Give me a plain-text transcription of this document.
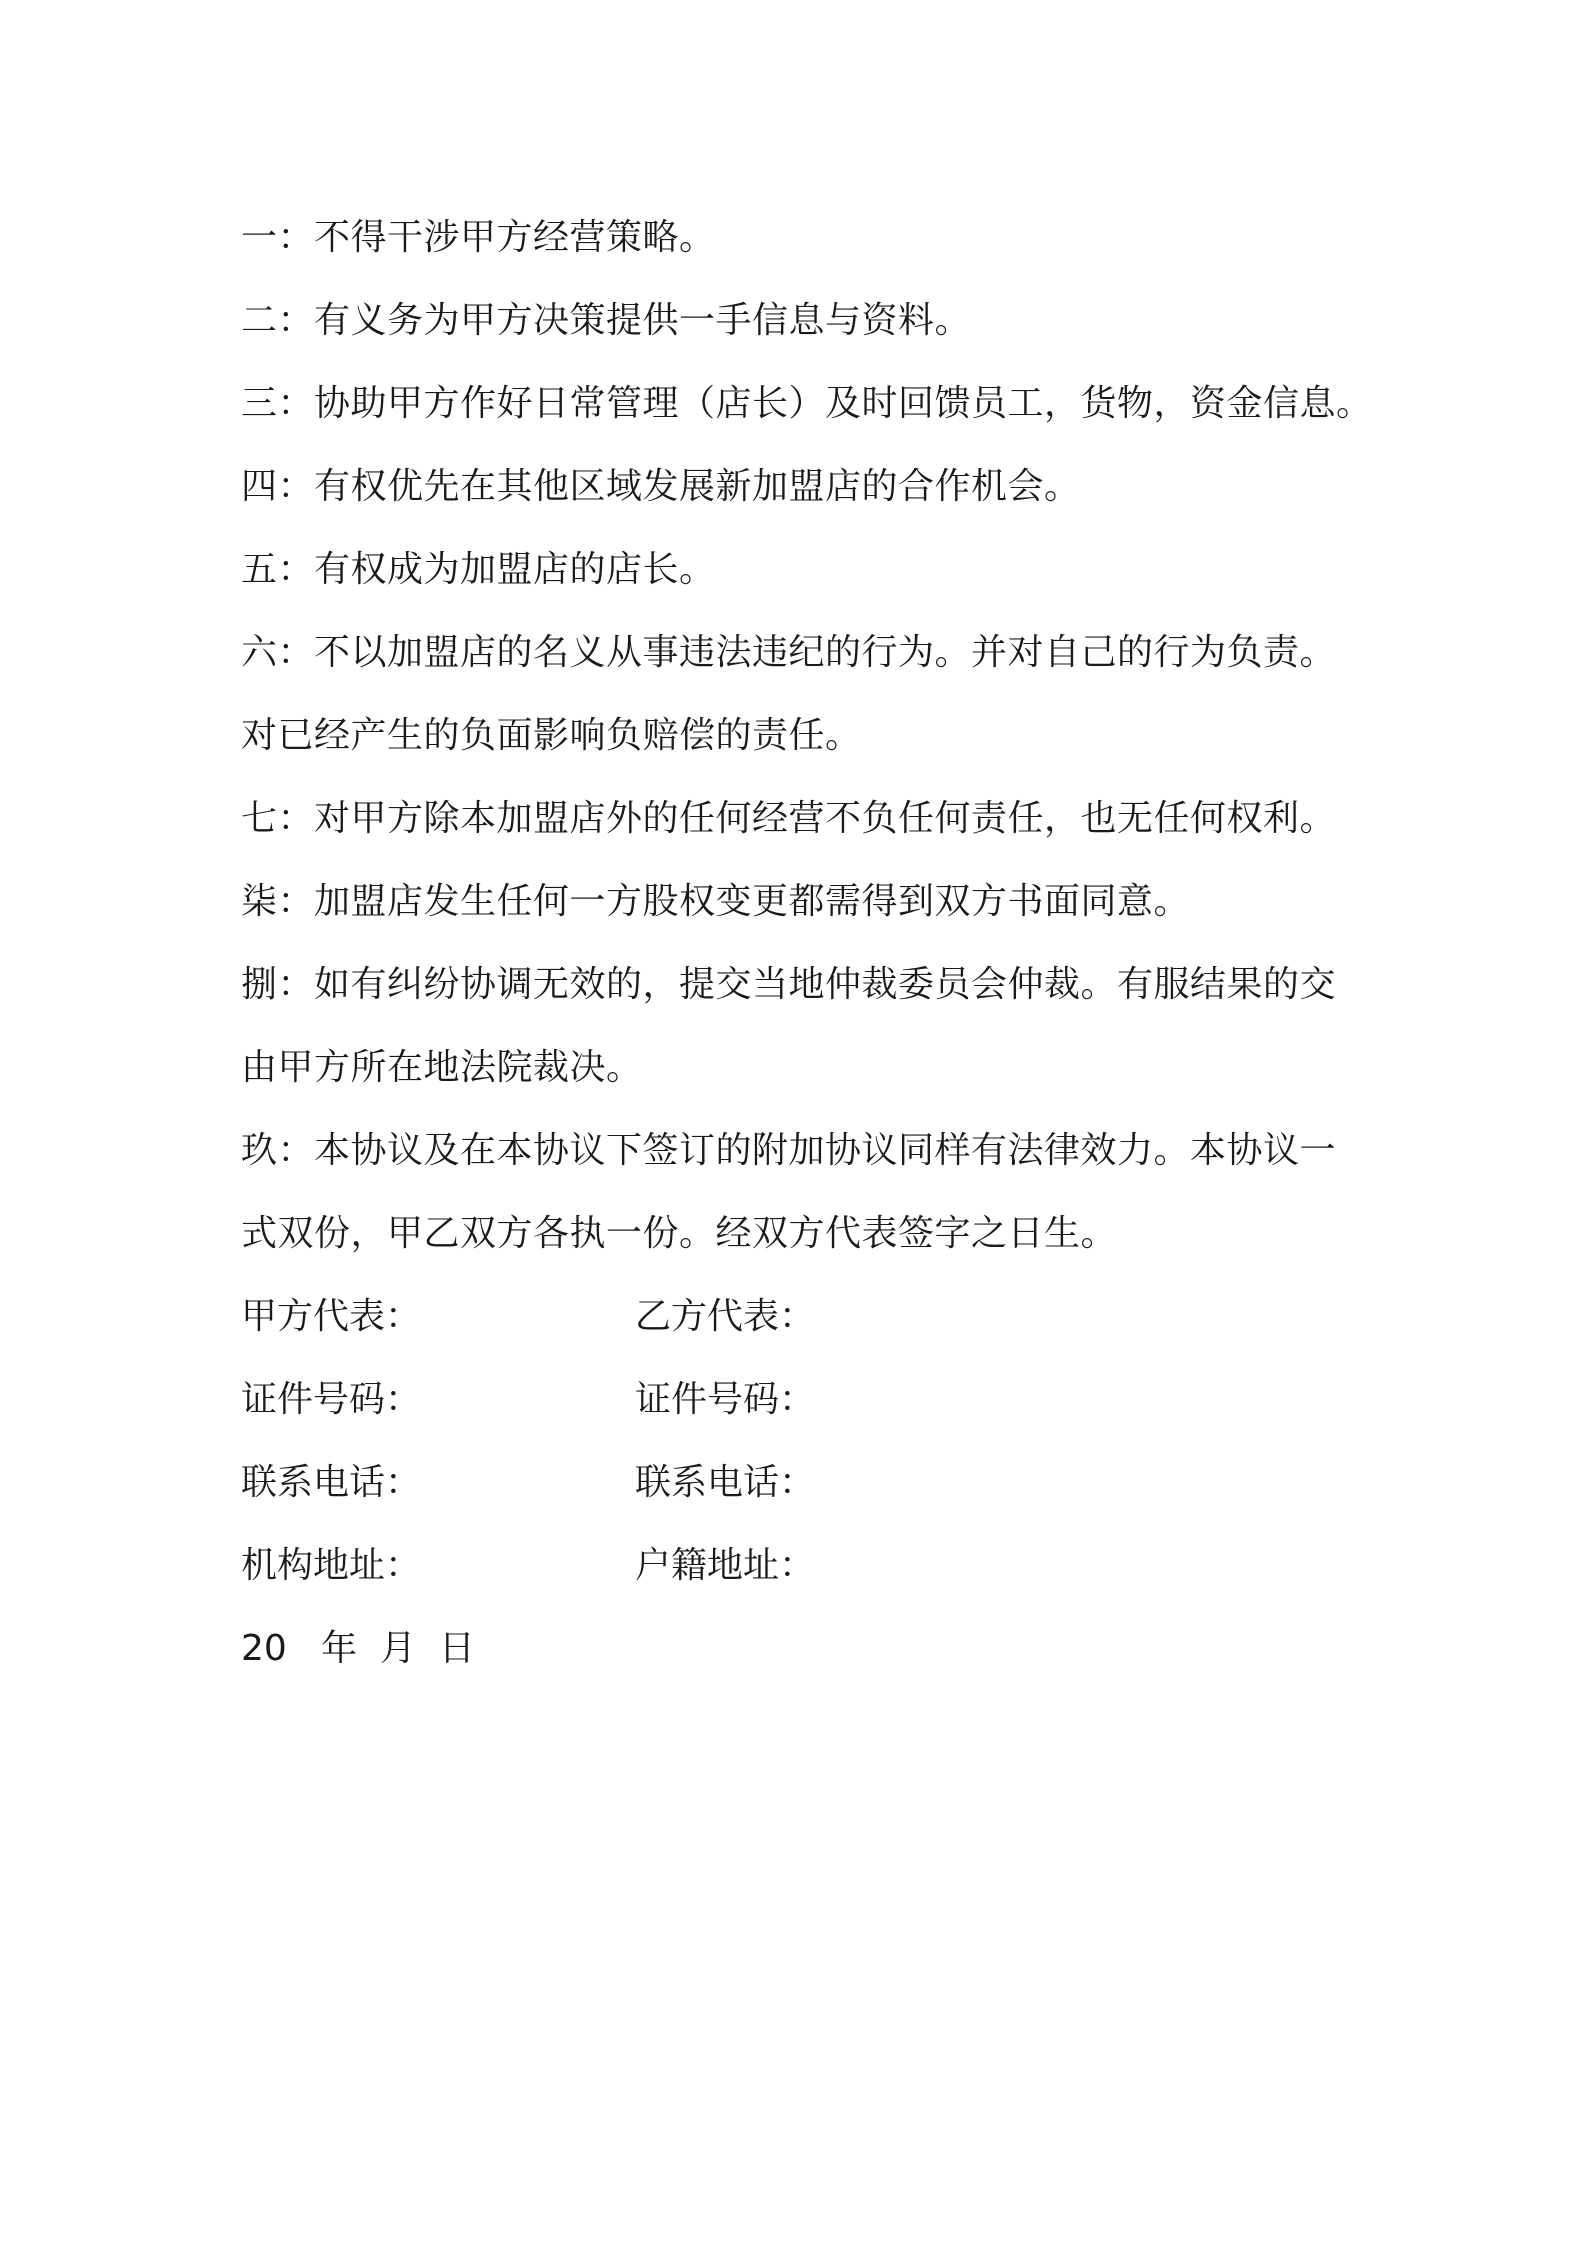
一：不得干涉甲方经营策略。
二：有义务为甲方决策提供一手信息与资料。
三：协助甲方作好日常管理（店长）及时回馈员工，货物，资金信息。
四：有权优先在其他区域发展新加盟店的合作机会。
五：有权成为加盟店的店长。
六：不以加盟店的名义从事违法违纪的行为。并对自己的行为负责。
对已经产生的负面影响负赔偿的责任。
七：对甲方除本加盟店外的任何经营不负任何责任，也无任何权利。
柒：加盟店发生任何一方股权变更都需得到双方书面同意。
捌：如有纠纷协调无效的，提交当地仲裁委员会仲裁。有服结果的交
由甲方所在地法院裁决。
玖：本协议及在本协议下签订的附加协议同样有法律效力。本协议一
式双份，甲乙双方各执一份。经双方代表签字之日生。
甲方代表：	乙方代表：
证件号码：	证件号码：
联系电话：	联系电话：
机构地址：	户籍地址：
20   年  月  日
